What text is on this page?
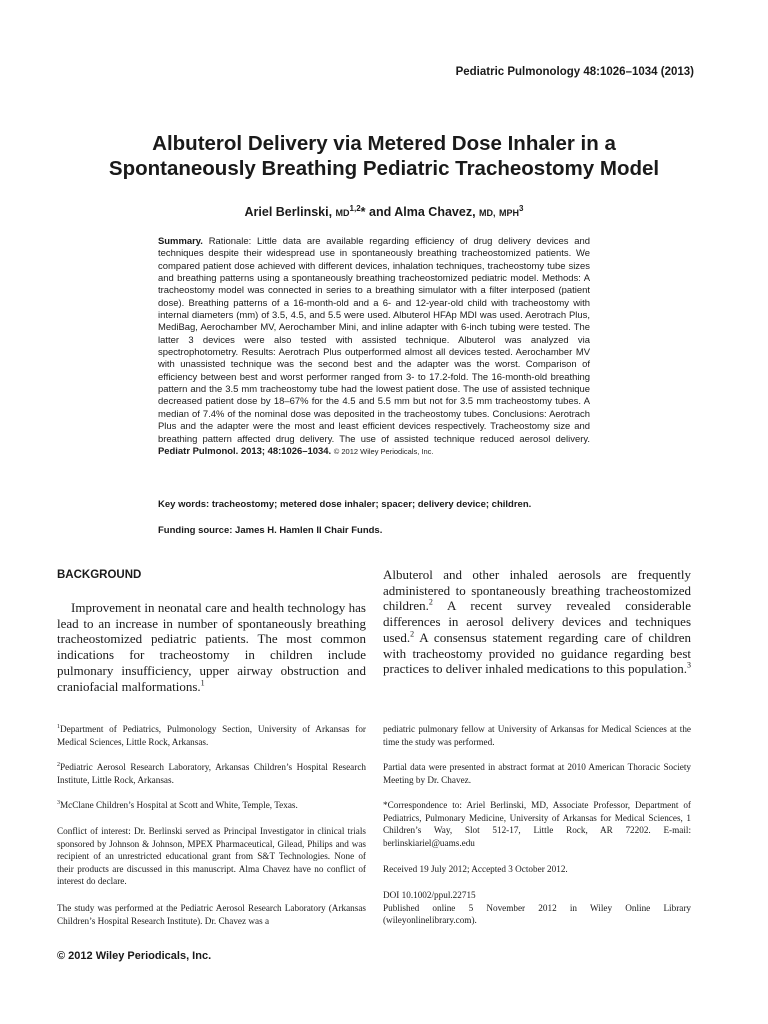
Pediatric Pulmonology 48:1026–1034 (2013)
Albuterol Delivery via Metered Dose Inhaler in a
Spontaneously Breathing Pediatric Tracheostomy Model
Ariel Berlinski, MD$^{1,2}$* and Alma Chavez, MD, MPH$^3$
Summary. Rationale: Little data are available regarding efficiency of drug delivery devices and techniques despite their widespread use in spontaneously breathing tracheostomized patients. We compared patient dose achieved with different devices, inhalation techniques, tracheostomy tube sizes and breathing patterns using a spontaneously breathing tracheostomized pediatric model. Methods: A tracheostomy model was connected in series to a breathing simulator with a filter interposed (patient dose). Breathing patterns of a 16-month-old and a 6- and 12-year-old child with tracheostomy with internal diameters (mm) of 3.5, 4.5, and 5.5 were used. Albuterol HFAp MDI was used. Aerotrach Plus, MediBag, Aerochamber MV, Aerochamber Mini, and inline adapter with 6-inch tubing were tested. The latter 3 devices were also tested with assisted technique. Albuterol was analyzed via spectrophotometry. Results: Aerotrach Plus outperformed almost all devices tested. Aerochamber MV with unassisted technique was the second best and the adapter was the worst. Comparison of efficiency between best and worst performer ranged from 3- to 17.2-fold. The 16-month-old breathing pattern and the 3.5 mm tracheostomy tube had the lowest patient dose. The use of assisted technique decreased patient dose by 18–67% for the 4.5 and 5.5 mm but not for 3.5 mm tracheostomy tubes. A median of 7.4% of the nominal dose was deposited in the tracheostomy tubes. Conclusions: Aerotrach Plus and the adapter were the most and least efficient devices respectively. Tracheostomy size and breathing pattern affected drug delivery. The use of assisted technique reduced aerosol delivery. Pediatr Pulmonol. 2013; 48:1026–1034. © 2012 Wiley Periodicals, Inc.
Key words: tracheostomy; metered dose inhaler; spacer; delivery device; children.
Funding source: James H. Hamlen II Chair Funds.
BACKGROUND
Improvement in neonatal care and health technology has lead to an increase in number of spontaneously breathing tracheostomized pediatric patients. The most common indications for tracheostomy in children include pulmonary insufficiency, upper airway obstruction and craniofacial malformations.$^1$
Albuterol and other inhaled aerosols are frequently administered to spontaneously breathing tracheostomized children.$^2$ A recent survey revealed considerable differences in aerosol delivery devices and techniques used.$^2$ A consensus statement regarding care of children with tracheostomy provided no guidance regarding best practices to deliver inhaled medications to this population.$^3$
$^1$Department of Pediatrics, Pulmonology Section, University of Arkansas for Medical Sciences, Little Rock, Arkansas.
$^2$Pediatric Aerosol Research Laboratory, Arkansas Children’s Hospital Research Institute, Little Rock, Arkansas.
$^3$McClane Children’s Hospital at Scott and White, Temple, Texas.
Conflict of interest: Dr. Berlinski served as Principal Investigator in clinical trials sponsored by Johnson & Johnson, MPEX Pharmaceutical, Gilead, Philips and was recipient of an unrestricted educational grant from S&T Technologies. None of their products are discussed in this manuscript. Alma Chavez have no conflict of interest do declare.
The study was performed at the Pediatric Aerosol Research Laboratory (Arkansas Children’s Hospital Research Institute). Dr. Chavez was a
pediatric pulmonary fellow at University of Arkansas for Medical Sciences at the time the study was performed.
Partial data were presented in abstract format at 2010 American Thoracic Society Meeting by Dr. Chavez.
*Correspondence to: Ariel Berlinski, MD, Associate Professor, Department of Pediatrics, Pulmonary Medicine, University of Arkansas for Medical Sciences, 1 Children’s Way, Slot 512-17, Little Rock, AR 72202. E-mail: berlinskiariel@uams.edu
Received 19 July 2012; Accepted 3 October 2012.
DOI 10.1002/ppul.22715
Published online 5 November 2012 in Wiley Online Library (wileyonlinelibrary.com).
© 2012 Wiley Periodicals, Inc.
